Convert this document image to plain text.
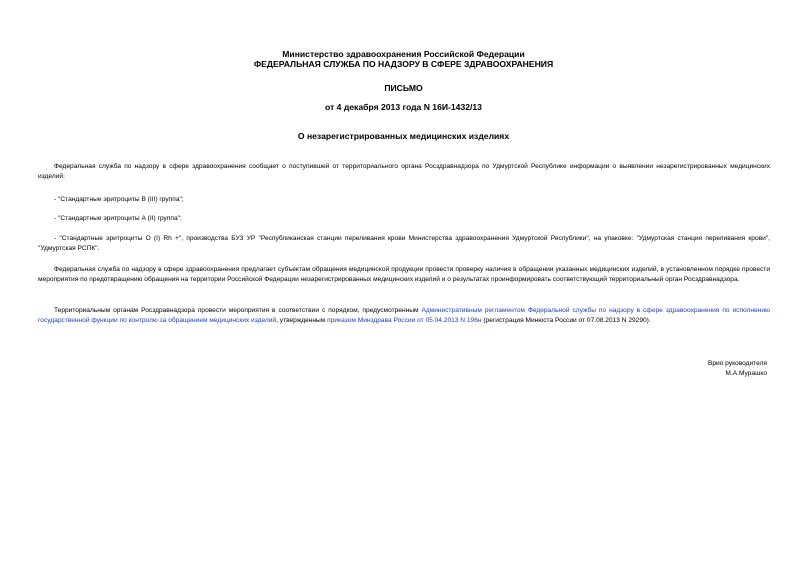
Министерство здравоохранения Российской Федерации
ФЕДЕРАЛЬНАЯ СЛУЖБА ПО НАДЗОРУ В СФЕРЕ ЗДРАВООХРАНЕНИЯ
ПИСЬМО
от 4 декабря 2013 года N 16И-1432/13
О незарегистрированных медицинских изделиях
Федеральная служба по надзору в сфере здравоохранения сообщает о поступившей от территориального органа Росздравнадзора по Удмуртской Республике информации о выявлении незарегистрированных медицинских изделий:
- "Стандартные эритроциты В (III) группа";
- "Стандартные эритроциты А (II) группа";
- "Стандартные эритроциты О (I) Rh +", производства БУЗ УР "Республиканская станции переливания крови Министерства здравоохранения Удмуртской Республики", на упаковке: "Удмуртская станция переливания крови", "Удмуртская РСПК".
Федеральная служба по надзору в сфере здравоохранения предлагает субъектам обращения медицинской продукции провести проверку наличия в обращении указанных медицинских изделий, в установленном порядке провести мероприятия по предотвращению обращения на территории Российской Федерации незарегистрированных медицинских изделий и о результатах проинформировать соответствующий территориальный орган Росздравнадзора.
Территориальным органам Росздравнадзора провести мероприятия в соответствии с порядком, предусмотренным Административным регламентом Федеральной службы по надзору в сфере здравоохранения по исполнению государственной функции по контролю за обращением медицинских изделий, утвержденным приказом Минздрава России от 05.04.2013 N 196н (регистрация Минюста России от 07.08.2013 N 29290).
Врио руководителя
М.А.Мурашко
